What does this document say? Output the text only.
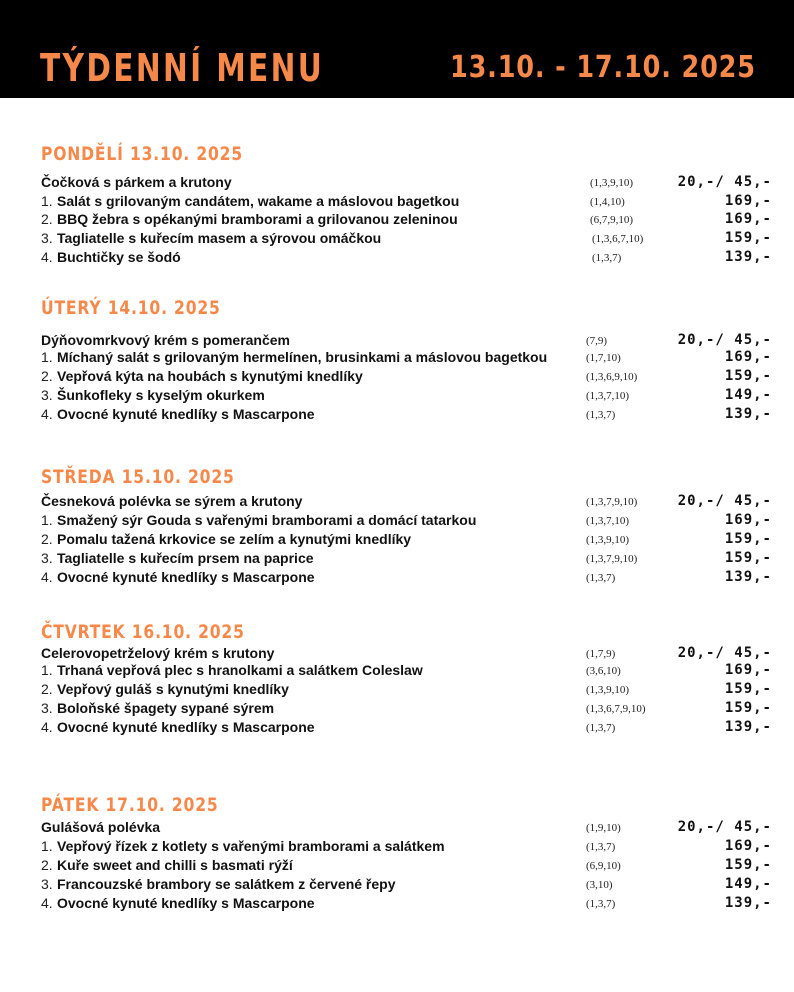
TÝDENNÍ MENU	13.10. - 17.10. 2025
PONDĚLÍ 13.10. 2025
Čočková s párkem a krutony	(1,3,9,10)	20,-/ 45,-
1. Salát s grilovaným candátem, wakame a máslovou bagetkou	(1,4,10)	169,-
2. BBQ žebra s opékanými bramborami a grilovanou zeleninou	(6,7,9,10)	169,-
3. Tagliatelle s kuřecím masem a sýrovou omáčkou	(1,3,6,7,10)	159,-
4. Buchtičky se šodó	(1,3,7)	139,-
ÚTERÝ 14.10. 2025
Dýňovomrkvový krém s pomerančem	(7,9)	20,-/ 45,-
1. Míchaný salát s grilovaným hermelínen, brusinkami a máslovou bagetkou	(1,7,10)	169,-
2. Vepřová kýta na houbách s kynutými knedlíky	(1,3,6,9,10)	159,-
3. Šunkofleky s kyselým okurkem	(1,3,7,10)	149,-
4. Ovocné kynuté knedlíky s Mascarpone	(1,3,7)	139,-
STŘEDA 15.10. 2025
Česneková polévka se sýrem a krutony	(1,3,7,9,10)	20,-/ 45,-
1. Smažený sýr Gouda s vařenými bramborami a domácí tatarkou	(1,3,7,10)	169,-
2. Pomalu tažená krkovice se zelím a kynutými knedlíky	(1,3,9,10)	159,-
3. Tagliatelle s kuřecím prsem na paprice	(1,3,7,9,10)	159,-
4. Ovocné kynuté knedlíky s Mascarpone	(1,3,7)	139,-
ČTVRTEK 16.10. 2025
Celerovopetrželový krém s krutony	(1,7,9)	20,-/ 45,-
1. Trhaná vepřová plec s hranolkami a salátkem Coleslaw	(3,6,10)	169,-
2. Vepřový guláš s kynutými knedlíky	(1,3,9,10)	159,-
3. Boloňské špagety sypané sýrem	(1,3,6,7,9,10)	159,-
4. Ovocné kynuté knedlíky s Mascarpone	(1,3,7)	139,-
PÁTEK 17.10. 2025
Gulášová polévka	(1,9,10)	20,-/ 45,-
1. Vepřový řízek z kotlety s vařenými bramborami a salátkem	(1,3,7)	169,-
2. Kuře sweet and chilli s basmati rýží	(6,9,10)	159,-
3. Francouzské brambory se salátkem z červené řepy	(3,10)	149,-
4. Ovocné kynuté knedlíky s Mascarpone	(1,3,7)	139,-
